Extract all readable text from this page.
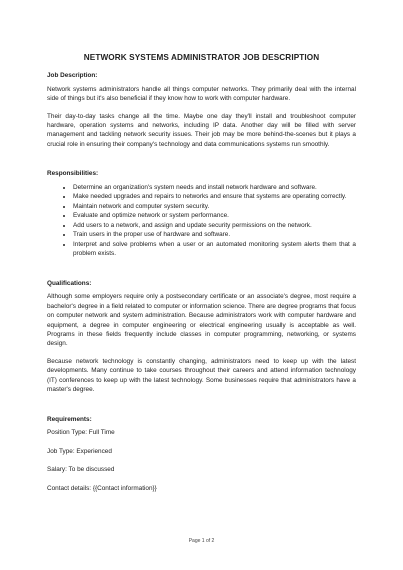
NETWORK SYSTEMS ADMINISTRATOR JOB DESCRIPTION
Job Description:

Network systems administrators handle all things computer networks. They primarily deal with the internal side of things but it's also beneficial if they know how to work with computer hardware.

Their day-to-day tasks change all the time. Maybe one day they'll install and troubleshoot computer hardware, operation systems and networks, including IP data. Another day will be filled with server management and tackling network security issues. Their job may be more behind-the-scenes but it plays a crucial role in ensuring their company's technology and data communications systems run smoothly.

Responsibilities:
• Determine an organization's system needs and install network hardware and software.
• Make needed upgrades and repairs to networks and ensure that systems are operating correctly.
• Maintain network and computer system security.
• Evaluate and optimize network or system performance.
• Add users to a network, and assign and update security permissions on the network.
• Train users in the proper use of hardware and software.
• Interpret and solve problems when a user or an automated monitoring system alerts them that a problem exists.
Qualifications:

Although some employers require only a postsecondary certificate or an associate's degree, most require a bachelor's degree in a field related to computer or information science. There are degree programs that focus on computer network and system administration. Because administrators work with computer hardware and equipment, a degree in computer engineering or electrical engineering usually is acceptable as well. Programs in these fields frequently include classes in computer programming, networking, or systems design.

Because network technology is constantly changing, administrators need to keep up with the latest developments. Many continue to take courses throughout their careers and attend information technology (IT) conferences to keep up with the latest technology. Some businesses require that administrators have a master's degree.

Requirements:
Position Type: Full Time
Job Type: Experienced
Salary: To be discussed
Contact details: {{Contact information}}
Page 1 of 2
